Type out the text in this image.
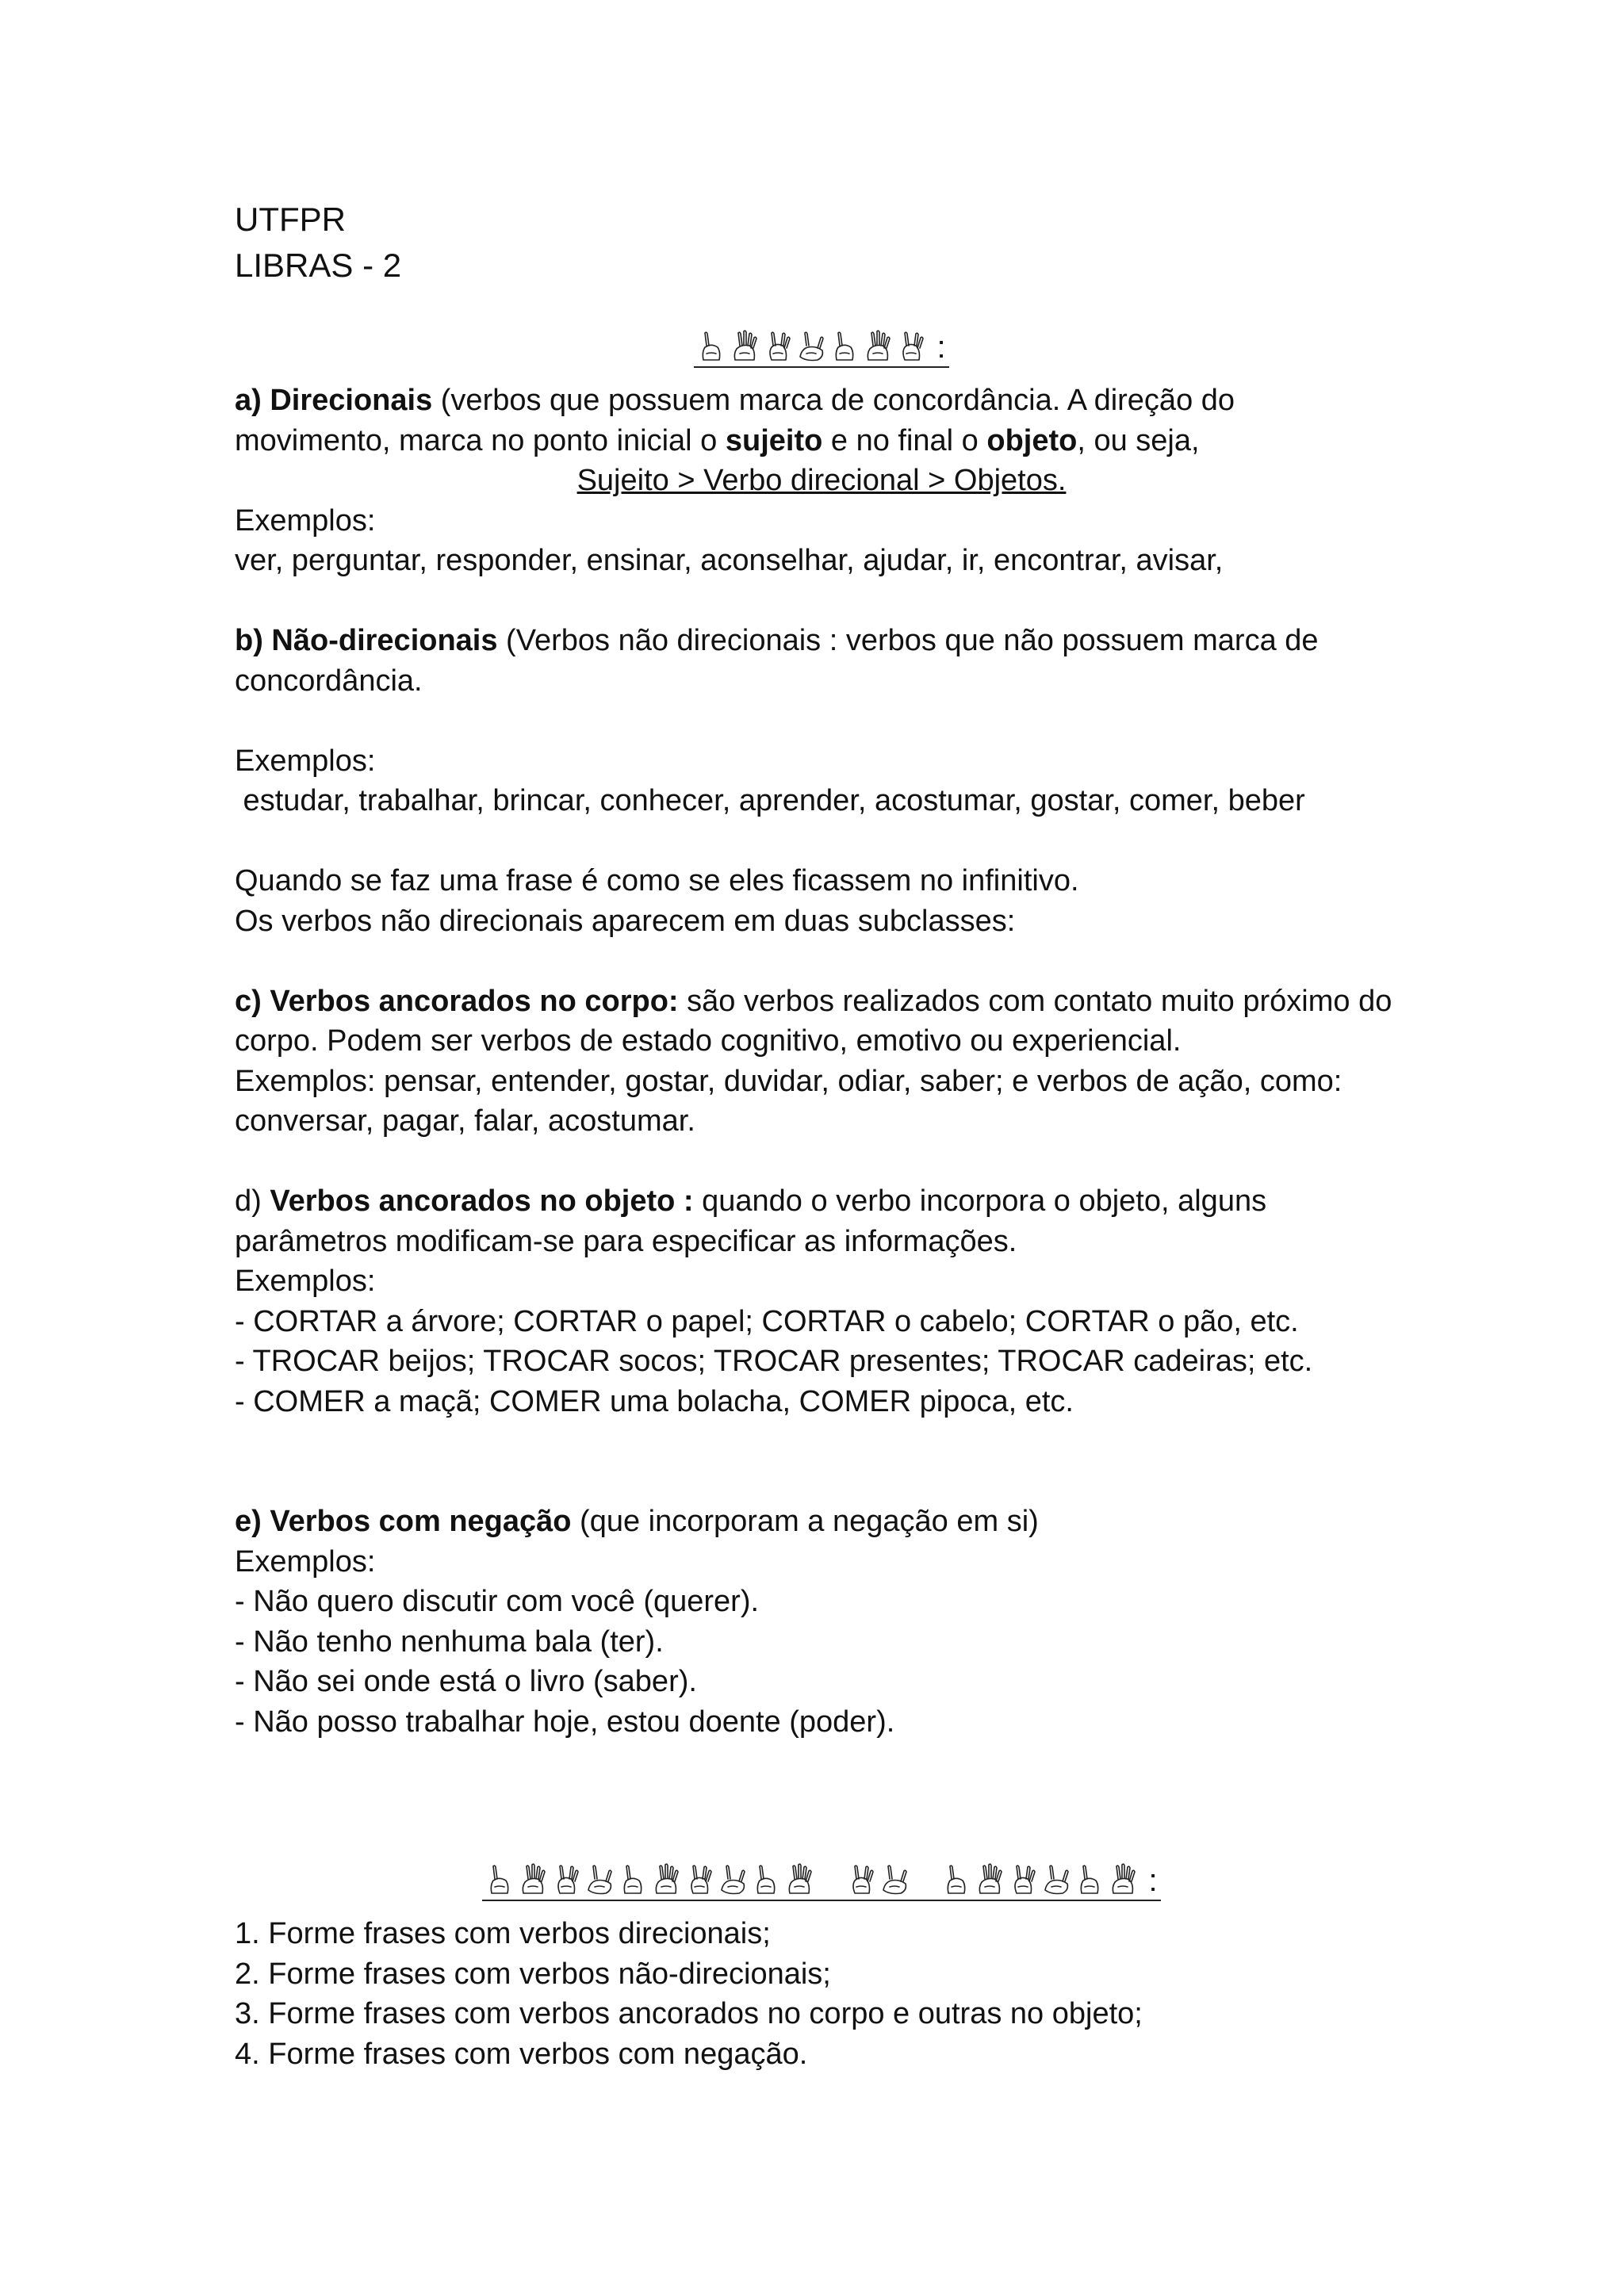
UTFPR
LIBRAS - 2
:
a) Direcionais (verbos que possuem marca de concordância. A direção do
movimento, marca no ponto inicial o sujeito e no final o objeto, ou seja,
Sujeito > Verbo direcional > Objetos.
Exemplos:
ver, perguntar, responder, ensinar, aconselhar, ajudar, ir, encontrar, avisar,
b) Não-direcionais (Verbos não direcionais : verbos que não possuem marca de
concordância.
Exemplos:
estudar, trabalhar, brincar, conhecer, aprender, acostumar, gostar, comer, beber
Quando se faz uma frase é como se eles ficassem no infinitivo.
Os verbos não direcionais aparecem em duas subclasses:
c) Verbos ancorados no corpo: são verbos realizados com contato muito próximo do
corpo. Podem ser verbos de estado cognitivo, emotivo ou experiencial.
Exemplos: pensar, entender, gostar, duvidar, odiar, saber; e verbos de ação, como:
conversar, pagar, falar, acostumar.
d) Verbos ancorados no objeto : quando o verbo incorpora o objeto, alguns
parâmetros modificam-se para especificar as informações.
Exemplos:
- CORTAR a árvore; CORTAR o papel; CORTAR o cabelo; CORTAR o pão, etc.
- TROCAR beijos; TROCAR socos; TROCAR presentes; TROCAR cadeiras; etc.
- COMER a maçã; COMER uma bolacha, COMER pipoca, etc.
e) Verbos com negação (que incorporam a negação em si)
Exemplos:
- Não quero discutir com você (querer).
- Não tenho nenhuma bala (ter).
- Não sei onde está o livro (saber).
- Não posso trabalhar hoje, estou doente (poder).
:
1. Forme frases com verbos direcionais;
2. Forme frases com verbos não-direcionais;
3. Forme frases com verbos ancorados no corpo e outras no objeto;
4. Forme frases com verbos com negação.
